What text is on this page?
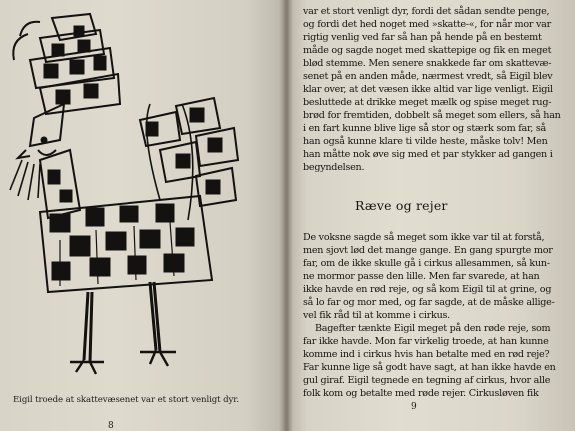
Eigil troede at skattevæsenet var et stort venligt dyr.
8
var et stort venligt dyr, fordi det sådan sendte penge,
og fordi det hed noget med »skatte-«, for når mor var
rigtig venlig ved far så han på hende på en bestemt
måde og sagde noget med skattepige og fik en meget
blød stemme. Men senere snakkede far om skattevæ-
senet på en anden måde, nærmest vredt, så Eigil blev
klar over, at det væsen ikke altid var lige venligt. Eigil
besluttede at drikke meget mælk og spise meget rug-
brød for fremtiden, dobbelt så meget som ellers, så han
i en fart kunne blive lige så stor og stærk som far, så
han også kunne klare ti vilde heste, måske tolv! Men
han måtte nok øve sig med et par stykker ad gangen i
begyndelsen.
Ræve og rejer
De voksne sagde så meget som ikke var til at forstå,
men sjovt lød det mange gange. En gang spurgte mor
far, om de ikke skulle gå i cirkus allesammen, så kun-
ne mormor passe den lille. Men far svarede, at han
ikke havde en rød reje, og så kom Eigil til at grine, og
så lo far og mor med, og far sagde, at de måske allige-
vel fik råd til at komme i cirkus.
Bagefter tænkte Eigil meget på den røde reje, som
far ikke havde. Mon far virkelig troede, at han kunne
komme ind i cirkus hvis han betalte med en rød reje?
Far kunne lige så godt have sagt, at han ikke havde en
gul giraf. Eigil tegnede en tegning af cirkus, hvor alle
folk kom og betalte med røde rejer. Cirkusløven fik
9
